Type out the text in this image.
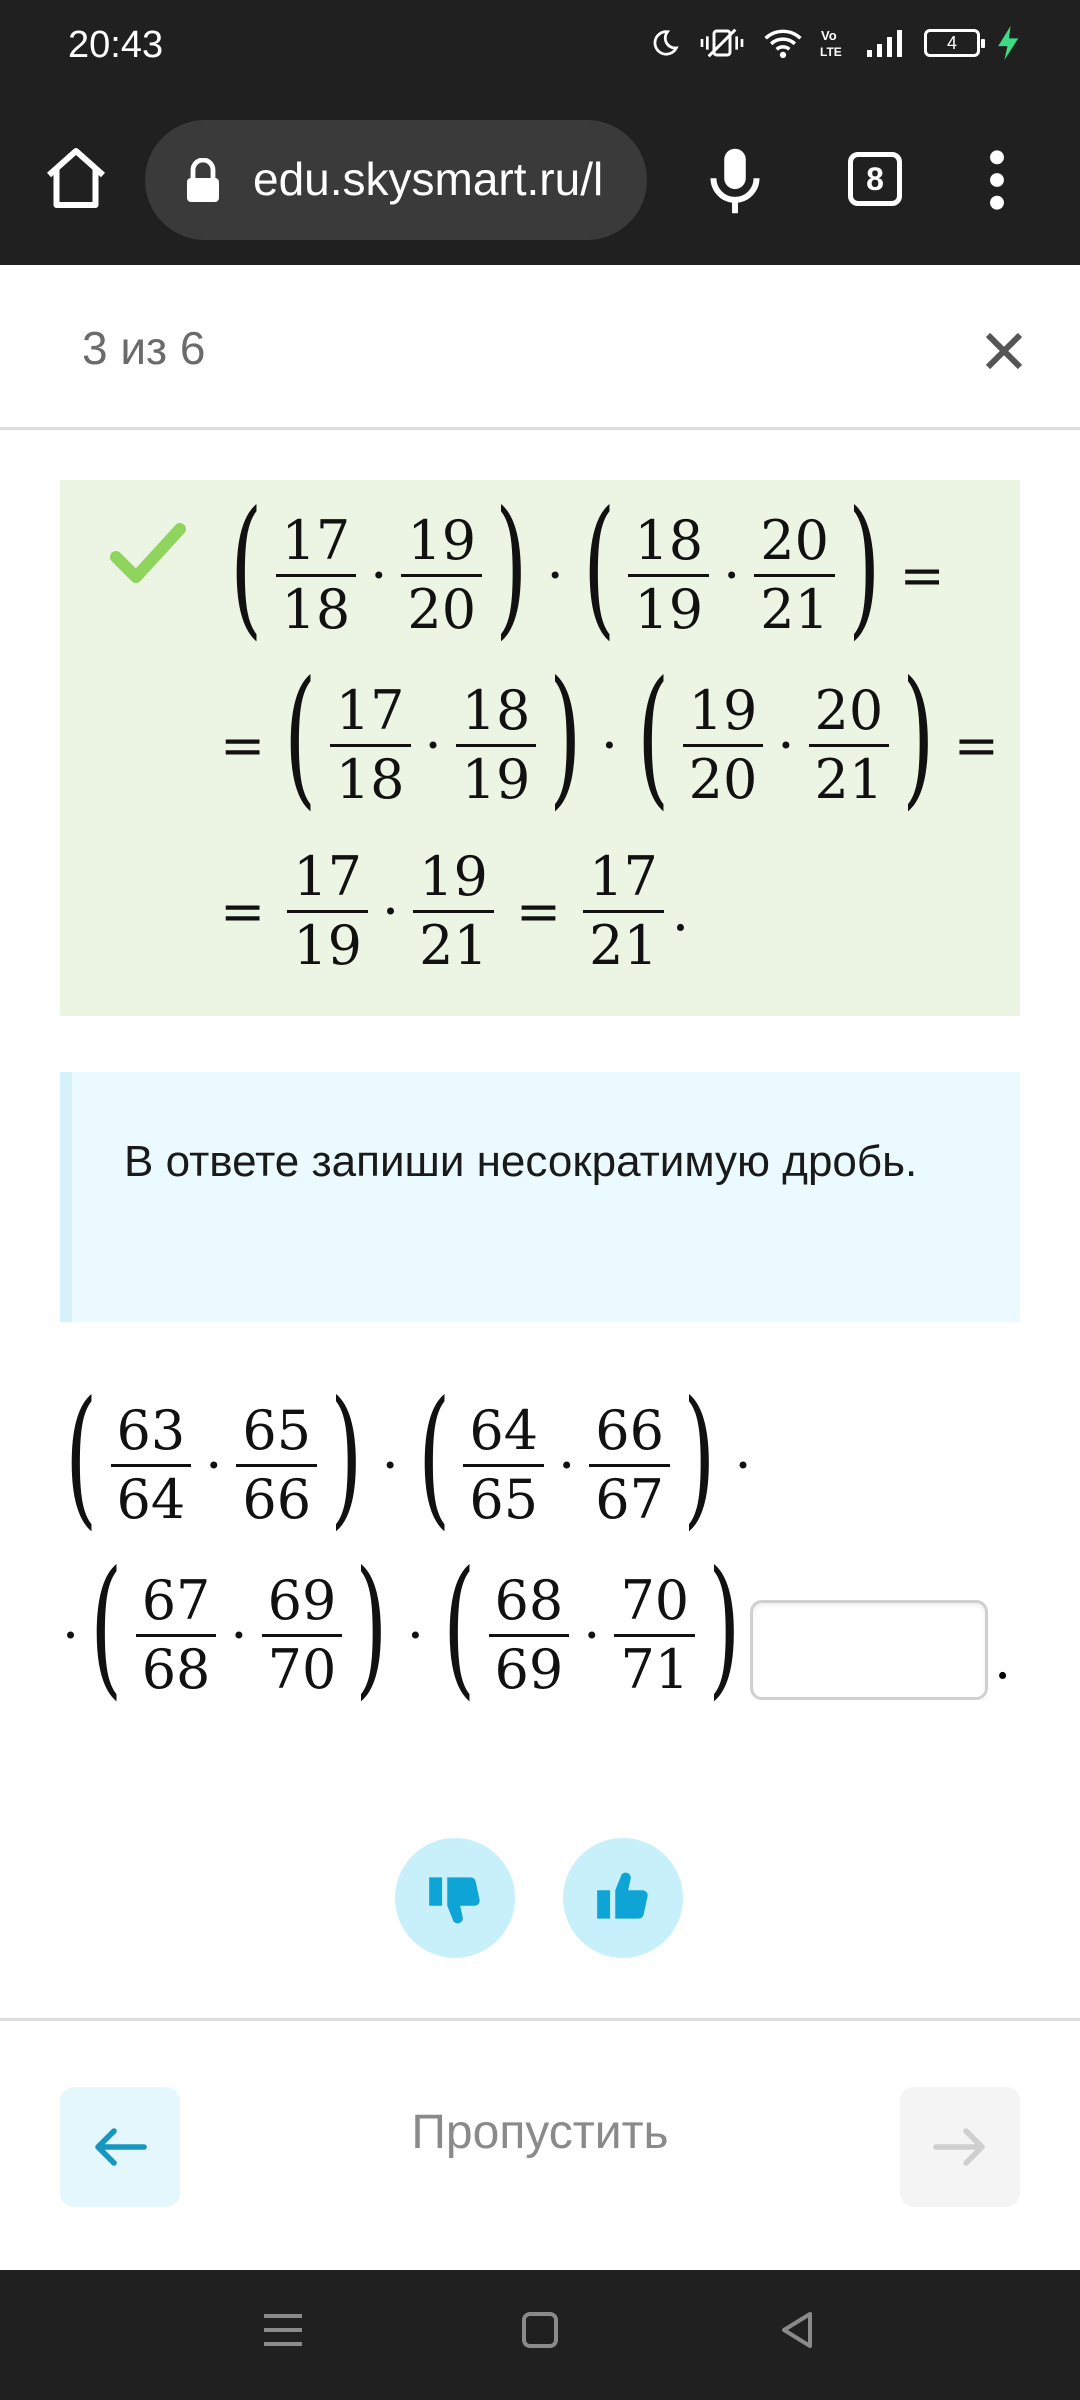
20:43	Vo
LTE	4
edu.skysmart.ru/l	8
3 из 6
( $\frac{17}{18} \cdot \frac{19}{20}$ ) · ( $\frac{18}{19} \cdot \frac{20}{21}$ ) =
= ( $\frac{17}{18} \cdot \frac{18}{19}$ ) · ( $\frac{19}{20} \cdot \frac{20}{21}$ ) =
= $\frac{17}{19} \cdot \frac{19}{21} = \frac{17}{21}$ .
В ответе запиши несократимую дробь.
( $\frac{63}{64} \cdot \frac{65}{66}$ ) · ( $\frac{64}{65} \cdot \frac{66}{67}$ ) ·
· ( $\frac{67}{68} \cdot \frac{69}{70}$ ) · ( $\frac{68}{69} \cdot \frac{70}{71}$ )	.
Пропустить
